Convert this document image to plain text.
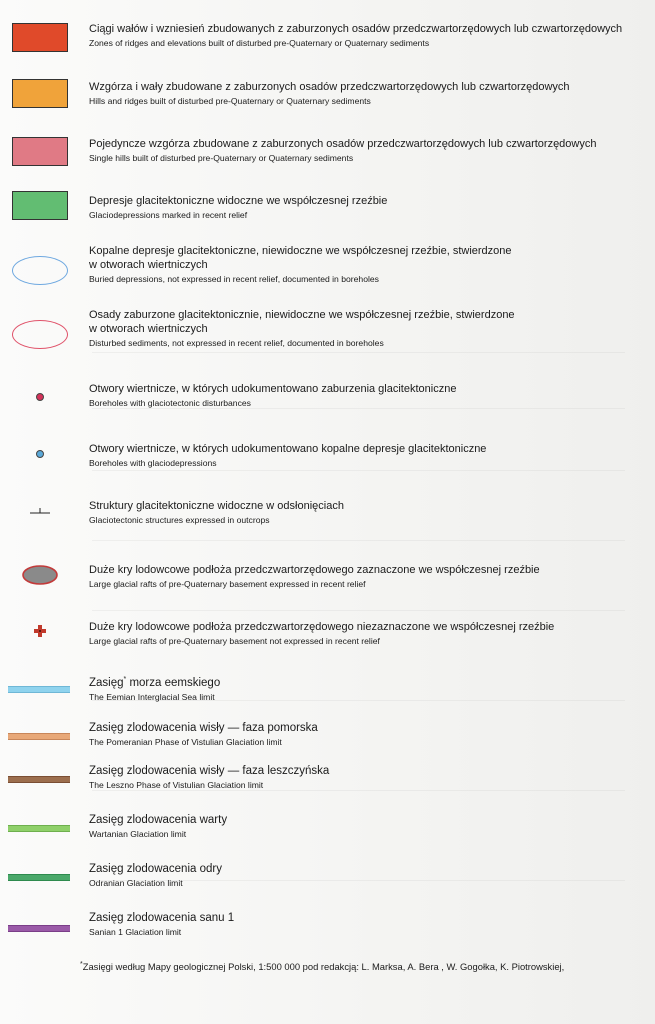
Ciągi wałów i wzniesień zbudowanych z zaburzonych osadów przedczwartorzędowych lub czwartorzędowych
Zones of ridges and elevations built of disturbed pre-Quaternary or Quaternary sediments
Wzgórza i wały zbudowane z zaburzonych osadów przedczwartorzędowych lub czwartorzędowych
Hills and ridges built of disturbed pre-Quaternary or Quaternary sediments
Pojedyncze wzgórza zbudowane z zaburzonych osadów przedczwartorzędowych lub czwartorzędowych
Single hills built of disturbed pre-Quaternary or Quaternary sediments
Depresje glacitektoniczne widoczne we współczesnej rzeźbie
Glaciodepressions marked in recent relief
Kopalne depresje glacitektoniczne, niewidoczne we współczesnej rzeźbie, stwierdzone
w otworach wiertniczych
Buried depressions, not expressed in recent relief, documented in boreholes
Osady zaburzone glacitektonicznie, niewidoczne we współczesnej rzeźbie, stwierdzone
w otworach wiertniczych
Disturbed sediments, not expressed in recent relief, documented in boreholes
Otwory wiertnicze, w których udokumentowano zaburzenia glacitektoniczne
Boreholes with glaciotectonic disturbances
Otwory wiertnicze, w których udokumentowano kopalne depresje glacitektoniczne
Boreholes with glaciodepressions
Struktury glacitektoniczne widoczne w odsłonięciach
Glaciotectonic structures expressed in outcrops
Duże kry lodowcowe podłoża przedczwartorzędowego zaznaczone we współczesnej rzeźbie
Large glacial rafts of pre-Quaternary basement expressed in recent relief
Duże kry lodowcowe podłoża przedczwartorzędowego niezaznaczone we współczesnej rzeźbie
Large glacial rafts of pre-Quaternary basement not expressed in recent relief
Zasięg* morza eemskiego
The Eemian Interglacial Sea limit
Zasięg zlodowacenia wisły — faza pomorska
The Pomeranian Phase of Vistulian Glaciation limit
Zasięg zlodowacenia wisły — faza leszczyńska
The Leszno Phase of Vistulian Glaciation limit
Zasięg zlodowacenia warty
Wartanian Glaciation limit
Zasięg zlodowacenia odry
Odranian Glaciation limit
Zasięg zlodowacenia sanu 1
Sanian 1 Glaciation limit
*Zasięgi według Mapy geologicznej Polski, 1:500 000 pod redakcją: L. Marksa, A. Bera , W. Gogołka, K. Piotrowskiej,
